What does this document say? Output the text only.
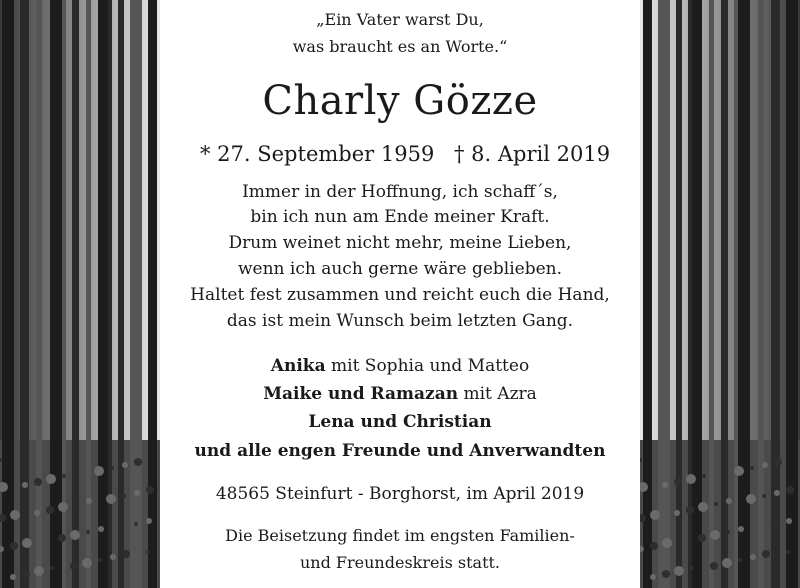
„Ein Vater warst Du,
was braucht es an Worte.“
Charly Gözze
* 27. September 1959 † 8. April 2019
Immer in der Hoffnung, ich schaff´s,
bin ich nun am Ende meiner Kraft.
Drum weinet nicht mehr, meine Lieben,
wenn ich auch gerne wäre geblieben.
Haltet fest zusammen und reicht euch die Hand,
das ist mein Wunsch beim letzten Gang.
Anika mit Sophia und Matteo
Maike und Ramazan mit Azra
Lena und Christian
und alle engen Freunde und Anverwandten
48565 Steinfurt - Borghorst, im April 2019
Die Beisetzung findet im engsten Familien-
und Freundeskreis statt.
